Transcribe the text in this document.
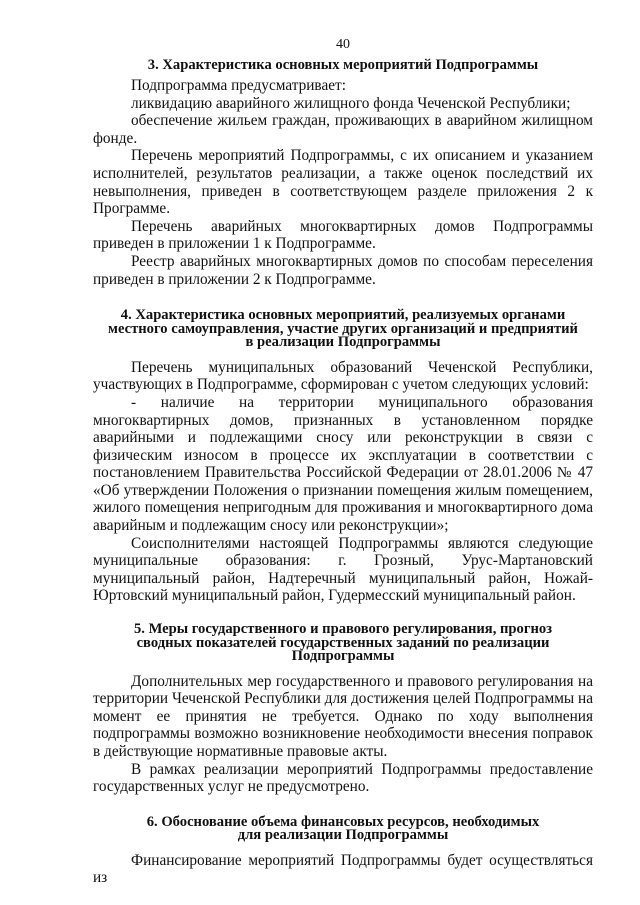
40
3. Характеристика основных мероприятий Подпрограммы

Подпрограмма предусматривает:

ликвидацию аварийного жилищного фонда Чеченской Республики;

обеспечение жильем граждан, проживающих в аварийном жилищном фонде.

Перечень мероприятий Подпрограммы, с их описанием и указанием исполнителей, результатов реализации, а также оценок последствий их невыполнения, приведен в соответствующем разделе приложения 2 к Программе.

Перечень аварийных многоквартирных домов Подпрограммы приведен в приложении 1 к Подпрограмме.

Реестр аварийных многоквартирных домов по способам переселения приведен в приложении 2 к Подпрограмме.

4. Характеристика основных мероприятий, реализуемых органами
местного самоуправления, участие других организаций и предприятий
в реализации Подпрограммы

Перечень муниципальных образований Чеченской Республики, участвующих в Подпрограмме, сформирован с учетом следующих условий:

- наличие на территории муниципального образования многоквартирных домов, признанных в установленном порядке аварийными и подлежащими сносу или реконструкции в связи с физическим износом в процессе их эксплуатации в соответствии с постановлением Правительства Российской Федерации от 28.01.2006 № 47 «Об утверждении Положения о признании помещения жилым помещением, жилого помещения непригодным для проживания и многоквартирного дома аварийным и подлежащим сносу или реконструкции»;

Соисполнителями настоящей Подпрограммы являются следующие муниципальные образования: г. Грозный, Урус-Мартановский муниципальный район, Надтеречный муниципальный район, Ножай-Юртовский муниципальный район, Гудермесский муниципальный район.

5. Меры государственного и правового регулирования, прогноз
сводных показателей государственных заданий по реализации
Подпрограммы

Дополнительных мер государственного и правового регулирования на территории Чеченской Республики для достижения целей Подпрограммы на момент ее принятия не требуется. Однако по ходу выполнения подпрограммы возможно возникновение необходимости внесения поправок в действующие нормативные правовые акты.

В рамках реализации мероприятий Подпрограммы предоставление государственных услуг не предусмотрено.

6. Обоснование объема финансовых ресурсов, необходимых
для реализации Подпрограммы

Финансирование мероприятий Подпрограммы будет осуществляться из
